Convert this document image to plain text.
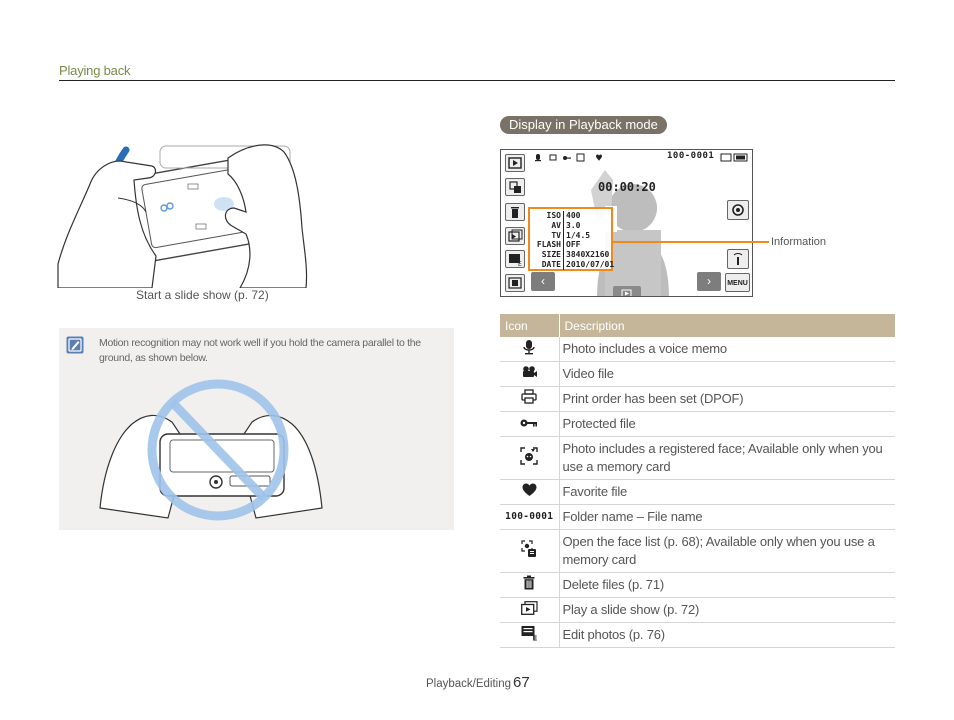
Playing back
Start a slide show (p. 72)
Motion recognition may not work well if you hold the camera parallel to the ground, as shown below.
Display in Playback mode
100-0001
00:00:20
E
ISO 400
AV 3.0
TV 1/4.5
FLASH OFF
SIZE 3840X2160
DATE 2010/07/01
MENU
‹	›
Information
Icon	Description
	Photo includes a voice memo
	Video file
	Print order has been set (DPOF)
	Protected file
	Photo includes a registered face; Available only when you use a memory card
	Favorite file
100-0001	Folder name – File name
	Open the face list (p. 68); Available only when you use a memory card
	Delete files (p. 71)
	Play a slide show (p. 72)

E	Edit photos (p. 76)
Playback/Editing 67
